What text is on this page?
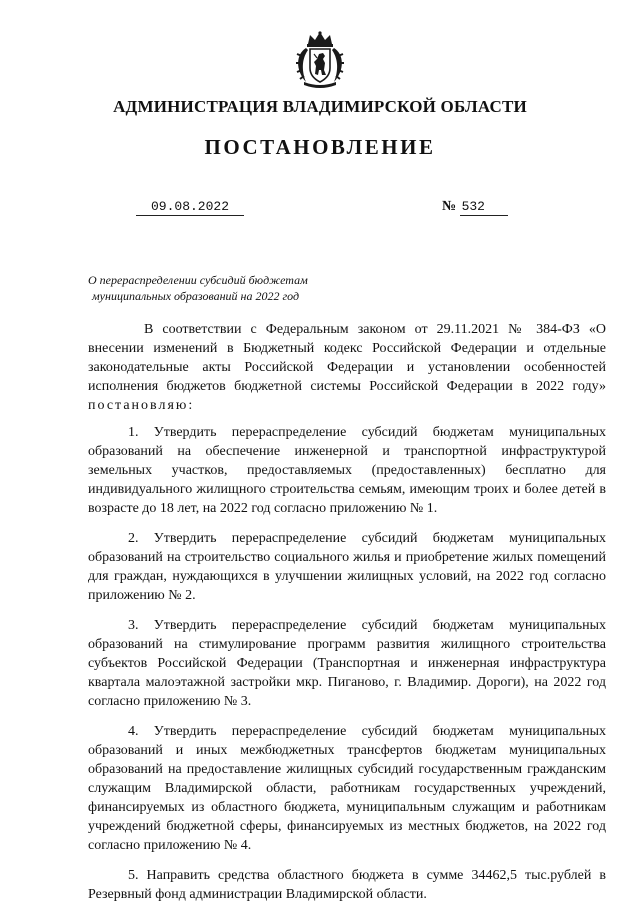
АДМИНИСТРАЦИЯ ВЛАДИМИРСКОЙ ОБЛАСТИ
ПОСТАНОВЛЕНИЕ
09.08.2022	№ 532
О перераспределении субсидий бюджетам
муниципальных образований на 2022 год

В соответствии с Федеральным законом от 29.11.2021 № 384-ФЗ «О внесении изменений в Бюджетный кодекс Российской Федерации и отдельные законодательные акты Российской Федерации и установлении особенностей исполнения бюджетов бюджетной системы Российской Федерации в 2022 году» постановляю:

1. Утвердить перераспределение субсидий бюджетам муниципальных образований на обеспечение инженерной и транспортной инфраструктурой земельных участков, предоставляемых (предоставленных) бесплатно для индивидуального жилищного строительства семьям, имеющим троих и более детей в возрасте до 18 лет, на 2022 год согласно приложению № 1.

2. Утвердить перераспределение субсидий бюджетам муниципальных образований на строительство социального жилья и приобретение жилых помещений для граждан, нуждающихся в улучшении жилищных условий, на 2022 год согласно приложению № 2.

3. Утвердить перераспределение субсидий бюджетам муниципальных образований на стимулирование программ развития жилищного строительства субъектов Российской Федерации (Транспортная и инженерная инфраструктура квартала малоэтажной застройки мкр. Пиганово, г. Владимир. Дороги), на 2022 год согласно приложению № 3.

4. Утвердить перераспределение субсидий бюджетам муниципальных образований и иных межбюджетных трансфертов бюджетам муниципальных образований на предоставление жилищных субсидий государственным гражданским служащим Владимирской области, работникам государственных учреждений, финансируемых из областного бюджета, муниципальным служащим и работникам учреждений бюджетной сферы, финансируемых из местных бюджетов, на 2022 год согласно приложению № 4.

5. Направить средства областного бюджета в сумме 34462,5 тыс.рублей в Резервный фонд администрации Владимирской области.
